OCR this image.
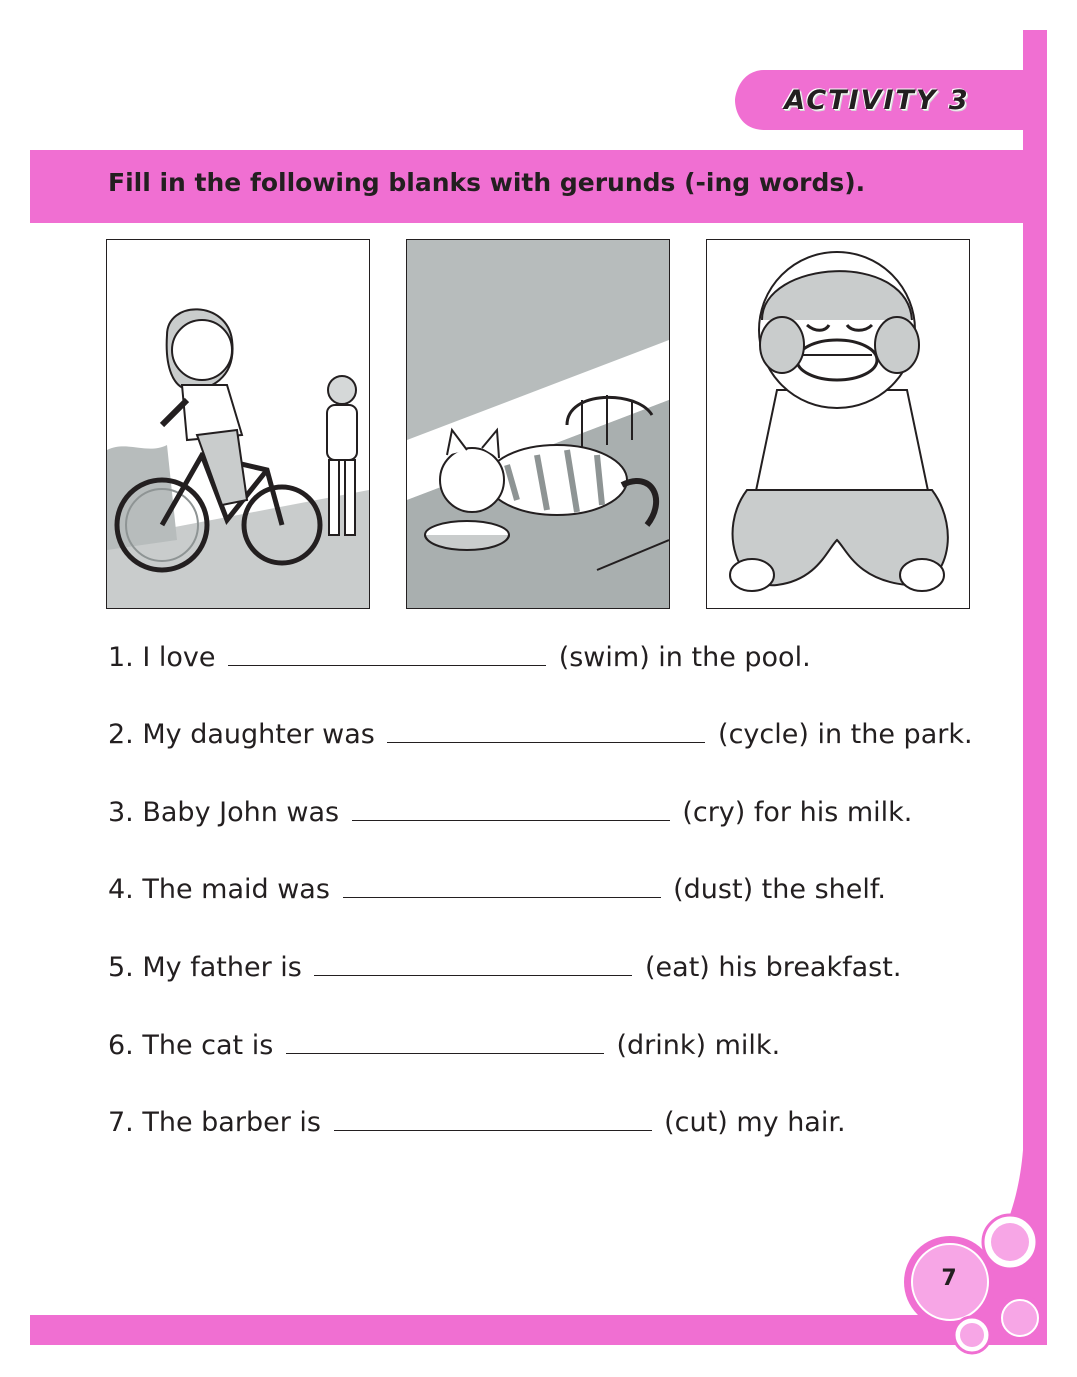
ACTIVITY 3
Fill in the following blanks with gerunds (-ing words).
1. I love	(swim) in the pool.
2. My daughter was	(cycle) in the park.
3. Baby John was	(cry) for his milk.
4. The maid was	(dust) the shelf.
5. My father is	(eat) his breakfast.
6. The cat is	(drink) milk.
7. The barber is	(cut) my hair.
7
